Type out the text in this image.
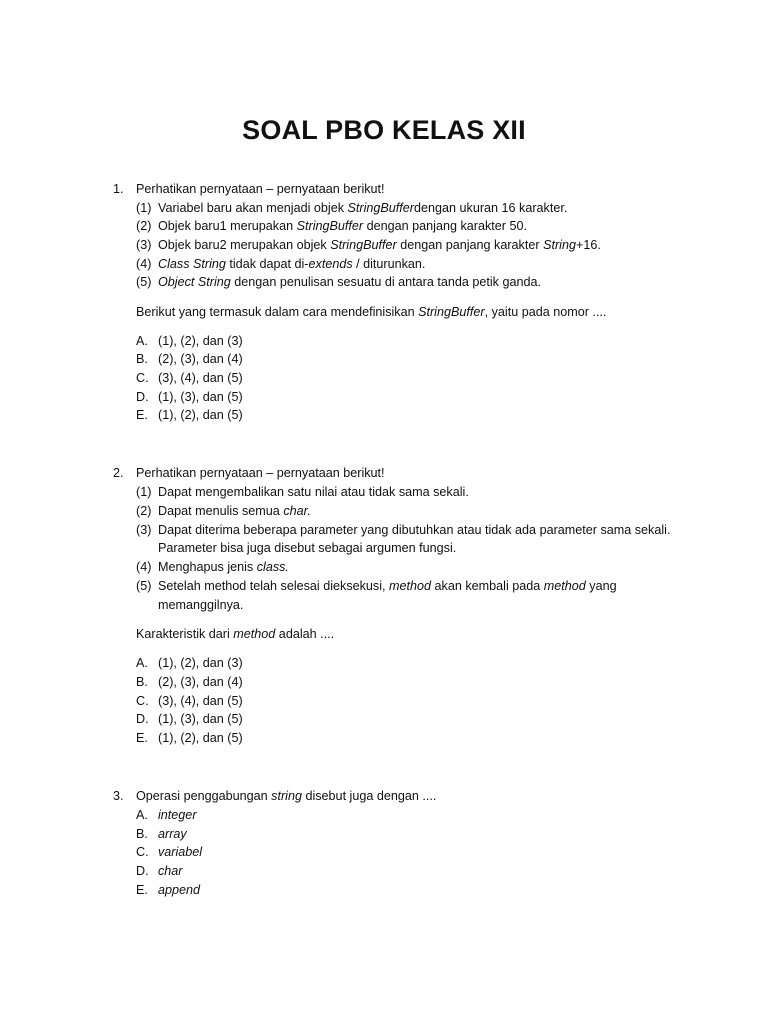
SOAL PBO KELAS XII
1. Perhatikan pernyataan – pernyataan berikut!
(1) Variabel baru akan menjadi objek StringBufferdengan ukuran 16 karakter.
(2) Objek baru1 merupakan StringBuffer dengan panjang karakter 50.
(3) Objek baru2 merupakan objek StringBuffer dengan panjang karakter String+16.
(4) Class String tidak dapat di-extends / diturunkan.
(5) Object String dengan penulisan sesuatu di antara tanda petik ganda.
Berikut yang termasuk dalam cara mendefinisikan StringBuffer, yaitu pada nomor ....
A. (1), (2), dan (3)
B. (2), (3), dan (4)
C. (3), (4), dan (5)
D. (1), (3), dan (5)
E. (1), (2), dan (5)
2. Perhatikan pernyataan – pernyataan berikut!
(1) Dapat mengembalikan satu nilai atau tidak sama sekali.
(2) Dapat menulis semua char.
(3) Dapat diterima beberapa parameter yang dibutuhkan atau tidak ada parameter sama sekali.
Parameter bisa juga disebut sebagai argumen fungsi.
(4) Menghapus jenis class.
(5) Setelah method telah selesai dieksekusi, method akan kembali pada method yang
memanggilnya.
Karakteristik dari method adalah ....
A. (1), (2), dan (3)
B. (2), (3), dan (4)
C. (3), (4), dan (5)
D. (1), (3), dan (5)
E. (1), (2), dan (5)
3. Operasi penggabungan string disebut juga dengan ....
A. integer
B. array
C. variabel
D. char
E. append
